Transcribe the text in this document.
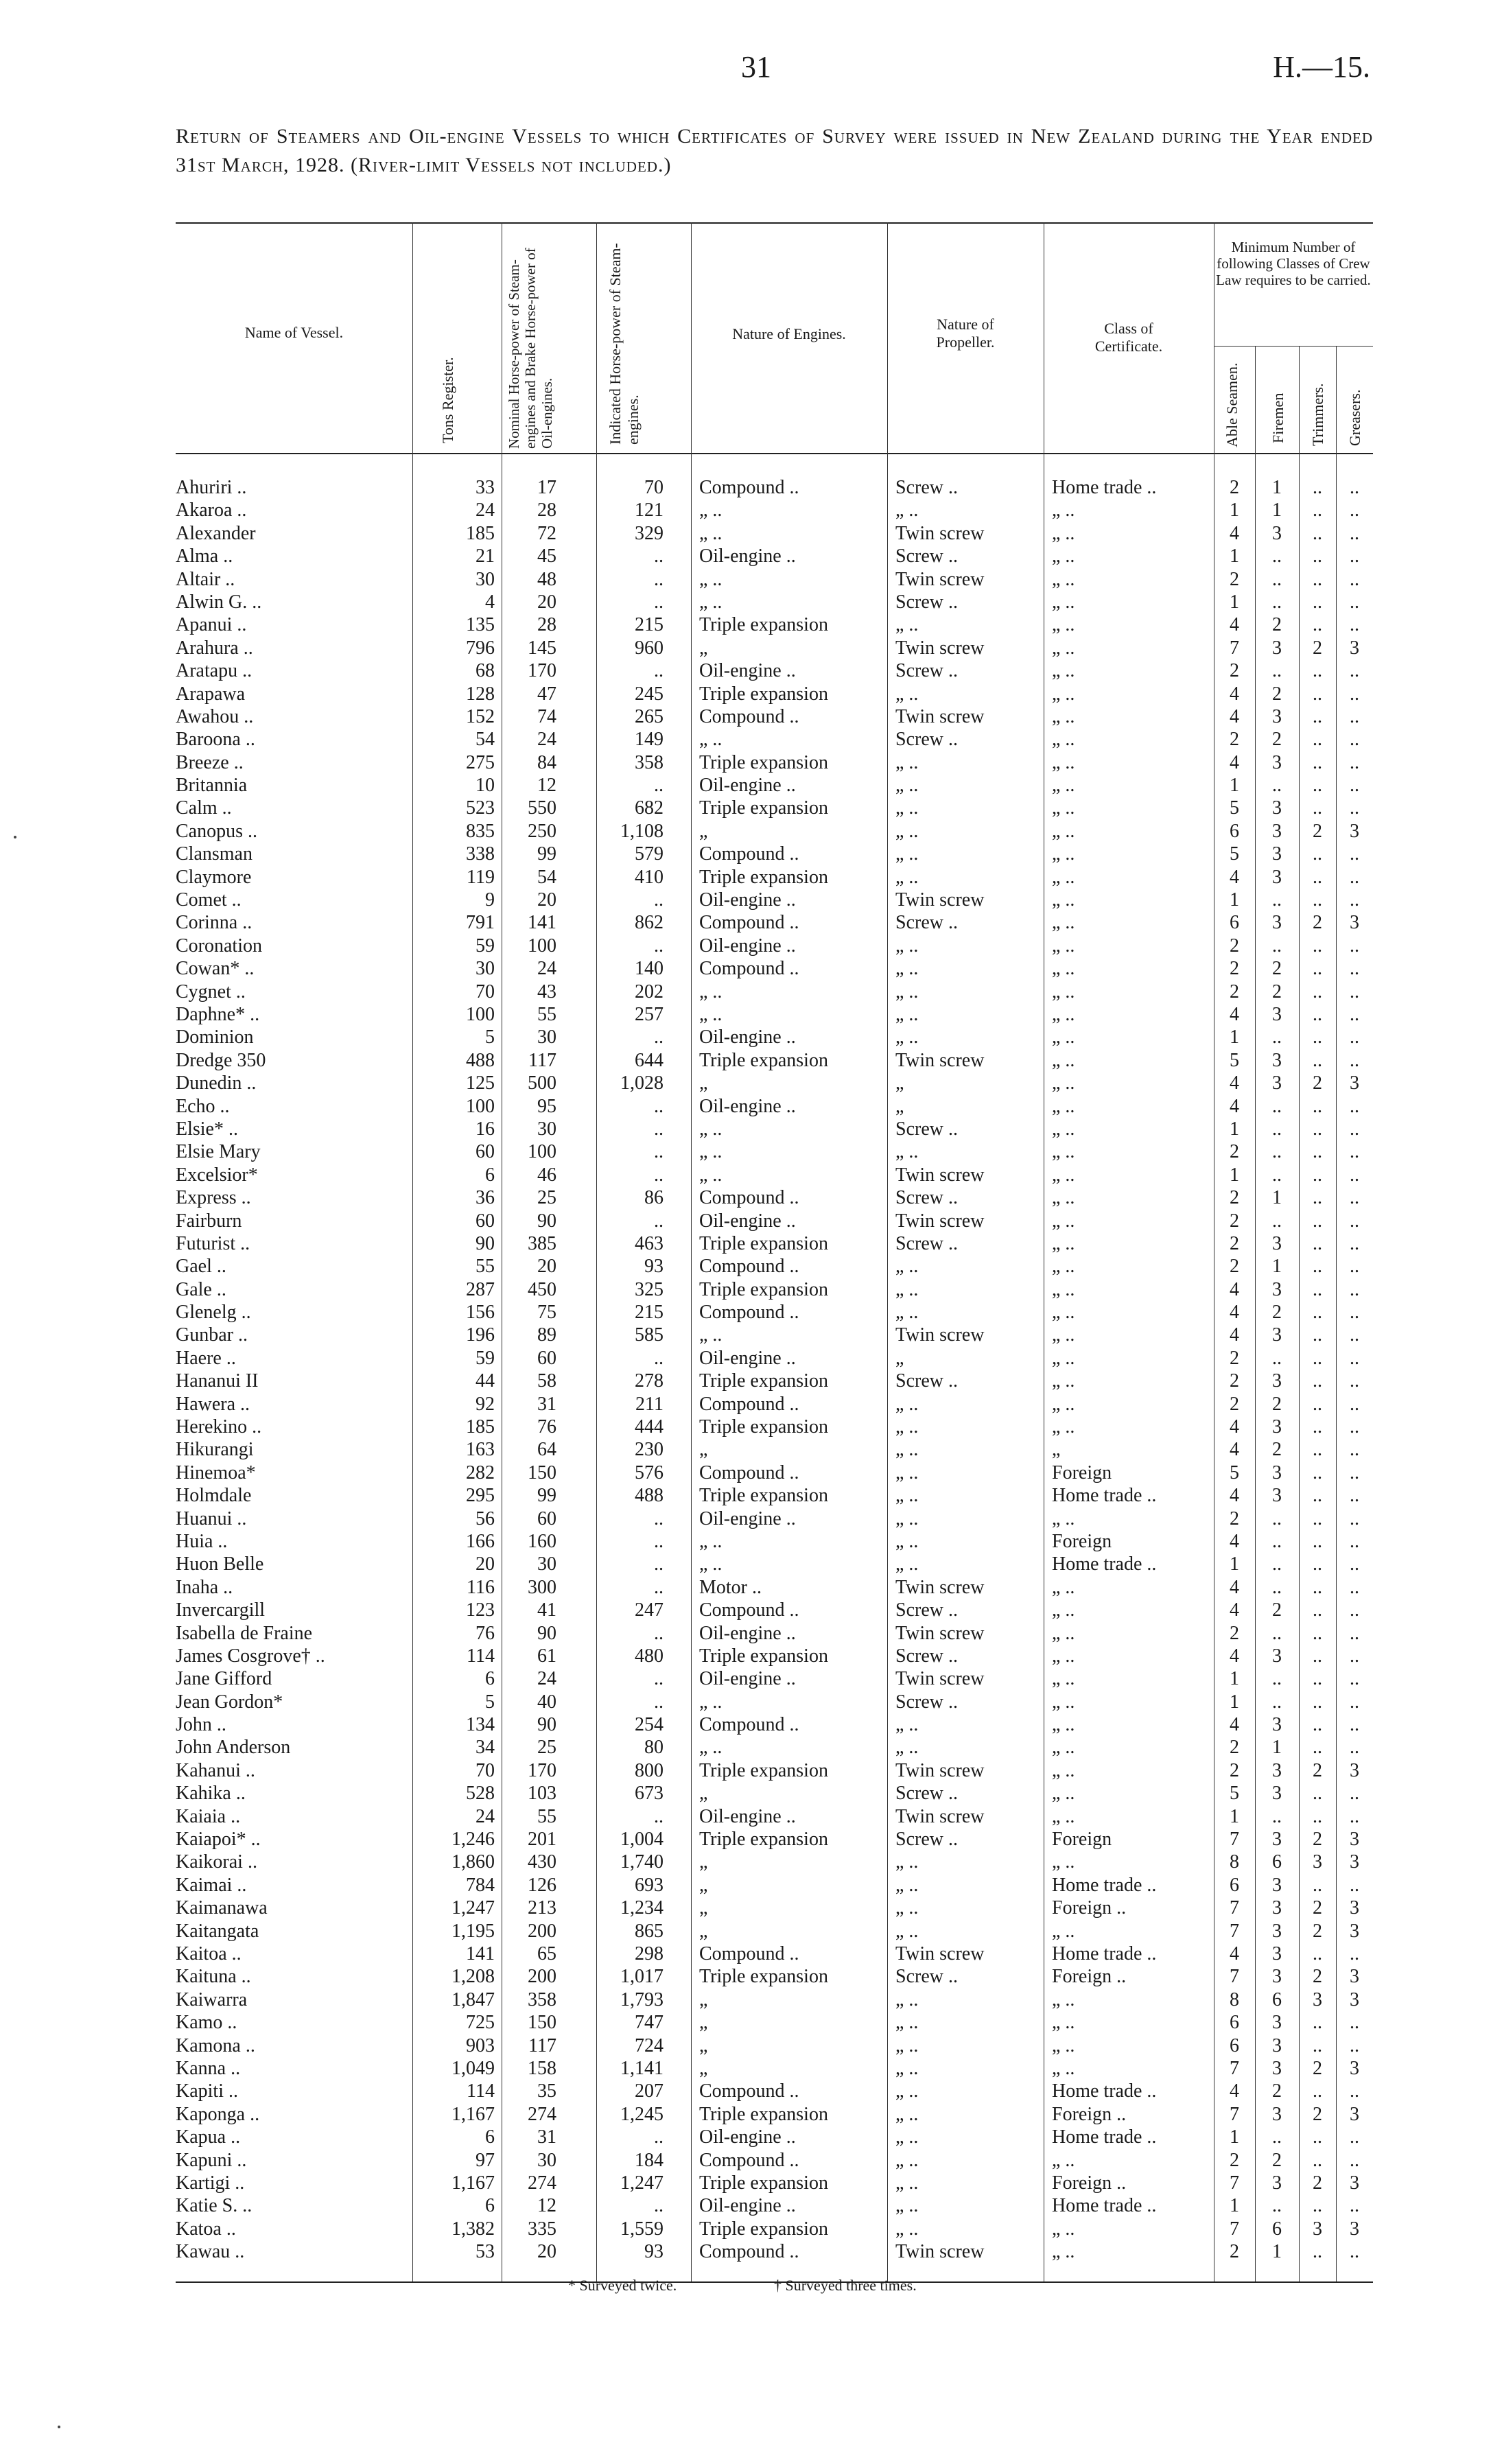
31	H.—15.
Return of Steamers and Oil-engine Vessels to which Certificates of Survey were issued in New Zealand during the Year ended 31st March, 1928. (River-limit Vessels not included.)
Name of Vessel.
Tons Register.	Nominal Horse-power of Steam-engines and Brake Horse-power of Oil-engines.	Indicated Horse-power of Steam-engines.
Nature of Engines.
Nature of Propeller.
Class of Certificate.
Minimum Number of following Classes of Crew Law requires to be carried.
Able Seamen. Firemen Trimmers. Greasers.
Ahuriri ..	33	17	70	Compound ..	Screw ..	Home trade ..	2	1	..	..
Akaroa ..	24	28	121	„ ..	„ ..	„ ..	1	1	..	..
Alexander	185	72	329	„ ..	Twin screw	„ ..	4	3	..	..
Alma ..	21	45	..	Oil-engine ..	Screw ..	„ ..	1	..	..	..
Altair ..	30	48	..	„ ..	Twin screw	„ ..	2	..	..	..
Alwin G. ..	4	20	..	„ ..	Screw ..	„ ..	1	..	..	..
Apanui ..	135	28	215	Triple expansion	„ ..	„ ..	4	2	..	..
Arahura ..	796	145	960	„	Twin screw	„ ..	7	3	2	3
Aratapu ..	68	170	..	Oil-engine ..	Screw ..	„ ..	2	..	..	..
Arapawa	128	47	245	Triple expansion	„ ..	„ ..	4	2	..	..
Awahou ..	152	74	265	Compound ..	Twin screw	„ ..	4	3	..	..
Baroona ..	54	24	149	„ ..	Screw ..	„ ..	2	2	..	..
Breeze ..	275	84	358	Triple expansion	„ ..	„ ..	4	3	..	..
Britannia	10	12	..	Oil-engine ..	„ ..	„ ..	1	..	..	..
Calm ..	523	550	682	Triple expansion	„ ..	„ ..	5	3	..	..
Canopus ..	835	250	1,108	„	„ ..	„ ..	6	3	2	3
Clansman	338	99	579	Compound ..	„ ..	„ ..	5	3	..	..
Claymore	119	54	410	Triple expansion	„ ..	„ ..	4	3	..	..
Comet ..	9	20	..	Oil-engine ..	Twin screw	„ ..	1	..	..	..
Corinna ..	791	141	862	Compound ..	Screw ..	„ ..	6	3	2	3
Coronation	59	100	..	Oil-engine ..	„ ..	„ ..	2	..	..	..
Cowan* ..	30	24	140	Compound ..	„ ..	„ ..	2	2	..	..
Cygnet ..	70	43	202	„ ..	„ ..	„ ..	2	2	..	..
Daphne* ..	100	55	257	„ ..	„ ..	„ ..	4	3	..	..
Dominion	5	30	..	Oil-engine ..	„ ..	„ ..	1	..	..	..
Dredge 350	488	117	644	Triple expansion	Twin screw	„ ..	5	3	..	..
Dunedin ..	125	500	1,028	„	„	„ ..	4	3	2	3
Echo ..	100	95	..	Oil-engine ..	„	„ ..	4	..	..	..
Elsie* ..	16	30	..	„ ..	Screw ..	„ ..	1	..	..	..
Elsie Mary	60	100	..	„ ..	„ ..	„ ..	2	..	..	..
Excelsior*	6	46	..	„ ..	Twin screw	„ ..	1	..	..	..
Express ..	36	25	86	Compound ..	Screw ..	„ ..	2	1	..	..
Fairburn	60	90	..	Oil-engine ..	Twin screw	„ ..	2	..	..	..
Futurist ..	90	385	463	Triple expansion	Screw ..	„ ..	2	3	..	..
Gael ..	55	20	93	Compound ..	„ ..	„ ..	2	1	..	..
Gale ..	287	450	325	Triple expansion	„ ..	„ ..	4	3	..	..
Glenelg ..	156	75	215	Compound ..	„ ..	„ ..	4	2	..	..
Gunbar ..	196	89	585	„ ..	Twin screw	„ ..	4	3	..	..
Haere ..	59	60	..	Oil-engine ..	„	„ ..	2	..	..	..
Hananui II	44	58	278	Triple expansion	Screw ..	„ ..	2	3	..	..
Hawera ..	92	31	211	Compound ..	„ ..	„ ..	2	2	..	..
Herekino ..	185	76	444	Triple expansion	„ ..	„ ..	4	3	..	..
Hikurangi	163	64	230	„	„ ..	„	4	2	..	..
Hinemoa*	282	150	576	Compound ..	„ ..	Foreign	5	3	..	..
Holmdale	295	99	488	Triple expansion	„ ..	Home trade ..	4	3	..	..
Huanui ..	56	60	..	Oil-engine ..	„ ..	„ ..	2	..	..	..
Huia ..	166	160	..	„ ..	„ ..	Foreign	4	..	..	..
Huon Belle	20	30	..	„ ..	„ ..	Home trade ..	1	..	..	..
Inaha ..	116	300	..	Motor ..	Twin screw	„ ..	4	..	..	..
Invercargill	123	41	247	Compound ..	Screw ..	„ ..	4	2	..	..
Isabella de Fraine	76	90	..	Oil-engine ..	Twin screw	„ ..	2	..	..	..
James Cosgrove† ..	114	61	480	Triple expansion	Screw ..	„ ..	4	3	..	..
Jane Gifford	6	24	..	Oil-engine ..	Twin screw	„ ..	1	..	..	..
Jean Gordon*	5	40	..	„ ..	Screw ..	„ ..	1	..	..	..
John ..	134	90	254	Compound ..	„ ..	„ ..	4	3	..	..
John Anderson	34	25	80	„ ..	„ ..	„ ..	2	1	..	..
Kahanui ..	70	170	800	Triple expansion	Twin screw	„ ..	2	3	2	3
Kahika ..	528	103	673	„	Screw ..	„ ..	5	3	..	..
Kaiaia ..	24	55	..	Oil-engine ..	Twin screw	„ ..	1	..	..	..
Kaiapoi* ..	1,246	201	1,004	Triple expansion	Screw ..	Foreign	7	3	2	3
Kaikorai ..	1,860	430	1,740	„	„ ..	„ ..	8	6	3	3
Kaimai ..	784	126	693	„	„ ..	Home trade ..	6	3	..	..
Kaimanawa	1,247	213	1,234	„	„ ..	Foreign ..	7	3	2	3
Kaitangata	1,195	200	865	„	„ ..	„ ..	7	3	2	3
Kaitoa ..	141	65	298	Compound ..	Twin screw	Home trade ..	4	3	..	..
Kaituna ..	1,208	200	1,017	Triple expansion	Screw ..	Foreign ..	7	3	2	3
Kaiwarra	1,847	358	1,793	„	„ ..	„ ..	8	6	3	3
Kamo ..	725	150	747	„	„ ..	„ ..	6	3	..	..
Kamona ..	903	117	724	„	„ ..	„ ..	6	3	..	..
Kanna ..	1,049	158	1,141	„	„ ..	„ ..	7	3	2	3
Kapiti ..	114	35	207	Compound ..	„ ..	Home trade ..	4	2	..	..
Kaponga ..	1,167	274	1,245	Triple expansion	„ ..	Foreign ..	7	3	2	3
Kapua ..	6	31	..	Oil-engine ..	„ ..	Home trade ..	1	..	..	..
Kapuni ..	97	30	184	Compound ..	„ ..	„ ..	2	2	..	..
Kartigi ..	1,167	274	1,247	Triple expansion	„ ..	Foreign ..	7	3	2	3
Katie S. ..	6	12	..	Oil-engine ..	„ ..	Home trade ..	1	..	..	..
Katoa ..	1,382	335	1,559	Triple expansion	„ ..	„ ..	7	6	3	3
Kawau ..	53	20	93	Compound ..	Twin screw	„ ..	2	1	..	..
* Surveyed twice.	† Surveyed three times.
